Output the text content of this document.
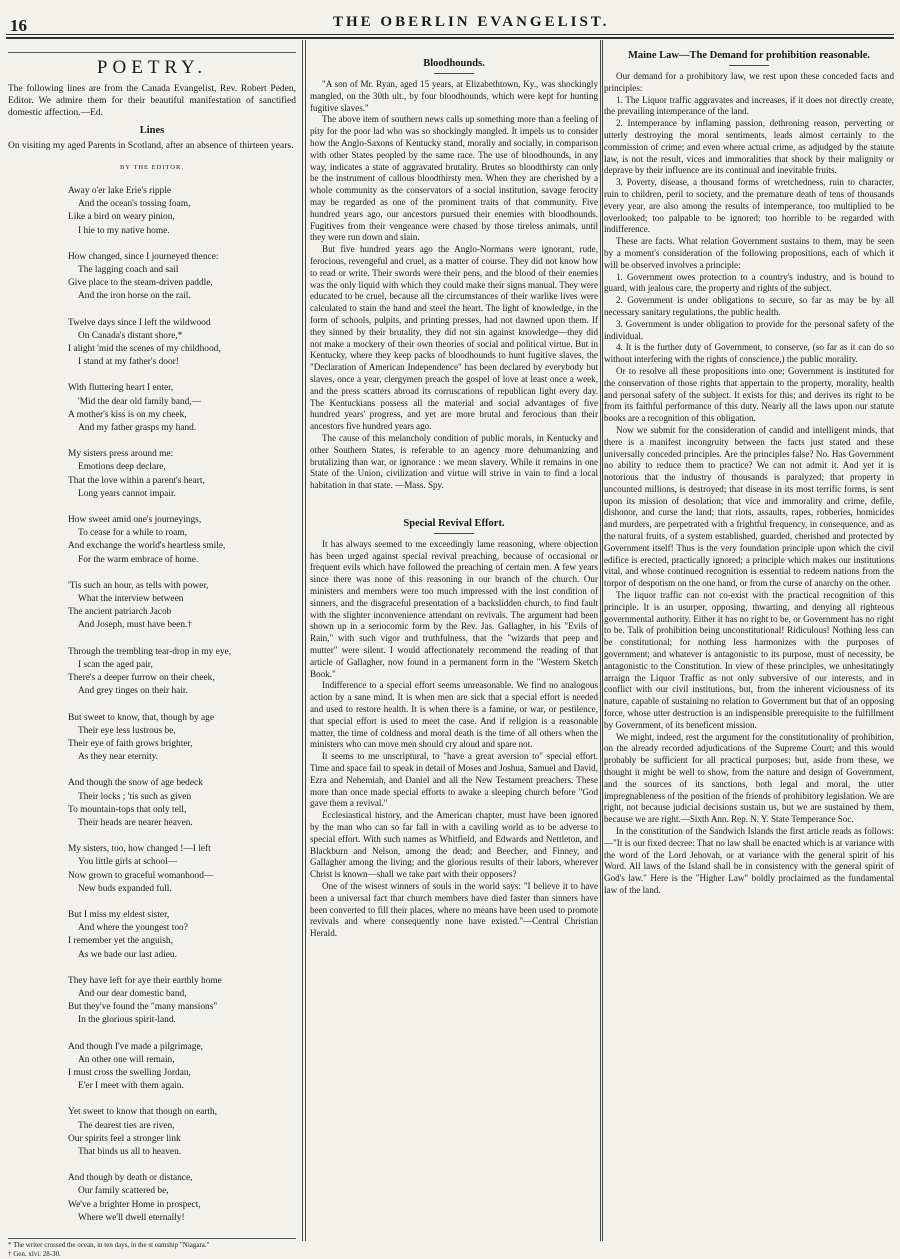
16	THE OBERLIN EVANGELIST.
POETRY.

The following lines are from the Canada Evangelist, Rev. Robert Peden, Editor. We admire them for their beautiful manifestation of sanctified domestic affection.—Ed.

Lines

On visiting my aged Parents in Scotland, after an absence of thirteen years.

BY THE EDITOR.
Away o'er lake Erie's ripple
And the ocean's tossing foam,
Like a bird on weary pinion,
I hie to my native home.
How changed, since I journeyed thence:
The lagging coach and sail
Give place to the steam-driven paddle,
And the iron horse on the rail.
Twelve days since I left the wildwood
On Canada's distant shore,*
I alight 'mid the scenes of my childhood,
I stand at my father's door!
With fluttering heart I enter,
'Mid the dear old family band,—
A mother's kiss is on my cheek,
And my father grasps my hand.
My sisters press around me:
Emotions deep declare,
That the love within a parent's heart,
Long years cannot impair.
How sweet amid one's journeyings,
To cease for a while to roam,
And exchange the world's heartless smile,
For the warm embrace of home.
'Tis such an hour, as tells with power,
What the interview between
The ancient patriarch Jacob
And Joseph, must have been.†
Through the trembling tear-drop in my eye,
I scan the aged pair,
There's a deeper furrow on their cheek,
And grey tinges on their hair.
But sweet to know, that, though by age
Their eye less lustrous be,
Their eye of faith grows brighter,
As they near eternity.
And though the snow of age bedeck
Their locks ; 'tis such as given
To mountain-tops that only tell,
Their heads are nearer heaven.
My sisters, too, how changed !—I left
You little girls at school—
Now grown to graceful womanhood—
New buds expanded full.
But I miss my eldest sister,
And where the youngest too?
I remember yet the anguish,
As we bade our last adieu.
They have left for aye their earthly home
And our dear domestic band,
But they've found the "many mansions"
In the glorious spirit-land.
And though I've made a pilgrimage,
An other one will remain,
I must cross the swelling Jordan,
E'er I meet with them again.
Yet sweet to know that though on earth,
The dearest ties are riven,
Our spirits feel a stronger link
That binds us all to heaven.
And though by death or distance,
Our family scattered be,
We've a brighter Home in prospect,
Where we'll dwell eternally!
* The writer crossed the ocean, in ten days, in the st eamship "Niagara."
† Gen. xlvi. 28-30.
Bloodhounds.

"A son of Mr. Ryan, aged 15 years, at Elizabethtown, Ky., was shockingly mangled, on the 30th ult., by four bloodhounds, which were kept for hunting fugitive slaves."

The above item of southern news calls up something more than a feeling of pity for the poor lad who was so shockingly mangled. It impels us to consider how the Anglo-Saxons of Kentucky stand, morally and socially, in comparison with other States peopled by the same race. The use of bloodhounds, in any way, indicates a state of aggravated brutality. Brutes so bloodthirsty can only be the instrument of callous bloodthirsty men. When they are cherished by a whole community as the conservators of a social institution, savage ferocity may be regarded as one of the prominent traits of that community. Five hundred years ago, our ancestors pursued their enemies with bloodhounds. Fugitives from their vengeance were chased by those tireless animals, until they were run down and slain.

But five hundred years ago the Anglo-Normans were ignorant, rude, ferocious, revengeful and cruel, as a matter of course. They did not know how to read or write. Their swords were their pens, and the blood of their enemies was the only liquid with which they could make their signs manual. They were educated to be cruel, because all the circumstances of their warlike lives were calculated to stain the hand and steel the heart. The light of knowledge, in the form of schools, pulpits, and printing presses, had not dawned upon them. If they sinned by their brutality, they did not sin against knowledge—they did not make a mockery of their own theories of social and political virtue. But in Kentucky, where they keep packs of bloodhounds to hunt fugitive slaves, the "Declaration of American Independence" has been declared by everybody but slaves, once a year, clergymen preach the gospel of love at least once a week, and the press scatters abroad its corruscations of republican light every day. The Kentuckians possess all the material and social advantages of five hundred years' progress, and yet are more brutal and ferocious than their ancestors five hundred years ago.

The cause of this melancholy condition of public morals, in Kentucky and other Southern States, is referable to an agency more dehumanizing and brutalizing than war, or ignorance : we mean slavery. While it remains in one State of the Union, civilization and virtue will strive in vain to find a local habitation in that state. —Mass. Spy.

Special Revival Effort.

It has always seemed to me exceedingly lame reasoning, where objection has been urged against special revival preaching, because of occasional or frequent evils which have followed the preaching of certain men. A few years since there was none of this reasoning in our branch of the church. Our ministers and members were too much impressed with the lost condition of sinners, and the disgraceful presentation of a backslidden church, to find fault with the slighter inconvenience attendant on revivals. The argument had been shown up in a seriocomic form by the Rev. Jas. Gallagher, in his "Evils of Rain," with such vigor and truthfulness, that the "wizards that peep and mutter" were silent. I would affectionately recommend the reading of that article of Gallagher, now found in a permanent form in the "Western Sketch Book."

Indifference to a special effort seems unreasonable. We find no analogous action by a sane mind. It is when men are sick that a special effort is needed and used to restore health. It is when there is a famine, or war, or pestilence, that special effort is used to meet the case. And if religion is a reasonable matter, the time of coldness and moral death is the time of all others when the ministers who can move men should cry aloud and spare not.

It seems to me unscriptural, to "have a great aversion to" special effort. Time and space fail to speak in detail of Moses and Joshua, Samuel and David, Ezra and Nehemiah, and Daniel and all the New Testament preachers. These more than once made special efforts to awake a sleeping church before "God gave them a revival."

Ecclesiastical history, and the American chapter, must have been ignored by the man who can so far fall in with a caviling world as to be adverse to special effort. With such names as Whitfield, and Edwards and Nettleton, and Blackburn and Nelson, among the dead; and Beecher, and Finney, and Gallagher among the living; and the glorious results of their labors, wherever Christ is known—shall we take part with their opposers?

One of the wisest winners of souls in the world says: "I believe it to have been a universal fact that church members have died faster than sinners have been converted to fill their places, where no means have been used to promote revivals and where consequently none have existed."—Central Christian Herald.

Maine Law—The Demand for prohibition reasonable.

Our demand for a prohibitory law, we rest upon these conceded facts and principles:

1. The Liquor traffic aggravates and increases, if it does not directly create, the prevailing intemperance of the land.

2. Intemperance by inflaming passion, dethroning reason, perverting or utterly destroying the moral sentiments, leads almost certainly to the commission of crime; and even where actual crime, as adjudged by the statute law, is not the result, vices and immoralities that shock by their malignity or deprave by their influence are its continual and inevitable fruits.

3. Poverty, disease, a thousand forms of wretchedness, ruin to character, ruin to children, peril to society, and the premature death of tens of thousands every year, are also among the results of intemperance, too multiplied to be overlooked; too palpable to be ignored; too horrible to be regarded with indifference.

These are facts. What relation Government sustains to them, may be seen by a moment's consideration of the following propositions, each of which it will be observed involves a principle:

1. Government owes protection to a country's industry, and is bound to guard, with jealous care, the property and rights of the subject.

2. Government is under obligations to secure, so far as may be by all necessary sanitary regulations, the public health.

3. Government is under obligation to provide for the personal safety of the individual.

4. It is the further duty of Government, to conserve, (so far as it can do so without interfering with the rights of conscience,) the public morality.

Or to resolve all these propositions into one; Government is instituted for the conservation of those rights that appertain to the property, morality, health and personal safety of the subject. It exists for this; and derives its right to be from its faithful performance of this duty. Nearly all the laws upon our statute books are a recognition of this obligation.

Now we submit for the consideration of candid and intelligent minds, that there is a manifest incongruity between the facts just stated and these universally conceded principles. Are the principles false? No. Has Government no ability to reduce them to practice? We can not admit it. And yet it is notorious that the industry of thousands is paralyzed; that property in uncounted millions, is destroyed; that disease in its most terrific forms, is sent upon its mission of desolation; that vice and immorality and crime, defile, dishonor, and curse the land; that riots, assaults, rapes, robberies, homicides and murders, are perpetrated with a frightful frequency, in consequence, and as the natural fruits, of a system established, guarded, cherished and protected by Government itself! Thus is the very foundation principle upon which the civil edifice is erected, practically ignored; a principle which makes our institutions vital, and whose continued recognition is essential to redeem nations from the torpor of despotism on the one hand, or from the curse of anarchy on the other.

The liquor traffic can not co-exist with the practical recognition of this principle. It is an usurper, opposing, thwarting, and denying all righteous governmental authority. Either it has no right to be, or Government has no right to be. Talk of prohibition being unconstitutional! Ridiculous! Nothing less can be constitutional; for nothing less harmonizes with the purposes of government; and whatever is antagonistic to its purpose, must of necessity, be antagonistic to the Constitution. In view of these principles, we unhesitatingly arraign the Liquor Traffic as not only subversive of our interests, and in conflict with our civil institutions, but, from the inherent viciousness of its nature, capable of sustaining no relation to Government but that of an opposing force, whose utter destruction is an indispensible prerequisite to the fulfillment by Government, of its beneficent mission.

We might, indeed, rest the argument for the constitutionality of prohibition, on the already recorded adjudications of the Supreme Court; and this would probably be sufficient for all practical purposes; but, aside from these, we thought it might be well to show, from the nature and design of Government, and the sources of its sanctions, both legal and moral, the utter impregnableness of the position of the friends of prohibitory legislation. We are right, not because judicial decisions sustain us, but we are sustained by them, because we are right.—Sixth Ann. Rep. N. Y. State Temperance Soc.

In the constitution of the Sandwich Islands the first article reads as follows:—"It is our fixed decree: That no law shall be enacted which is at variance with the word of the Lord Jehovah, or at variance with the general spirit of his Word. All laws of the Island shall be in consistency with the general spirit of God's law." Here is the "Higher Law" boldly proclaimed as the fundamental law of the land.
